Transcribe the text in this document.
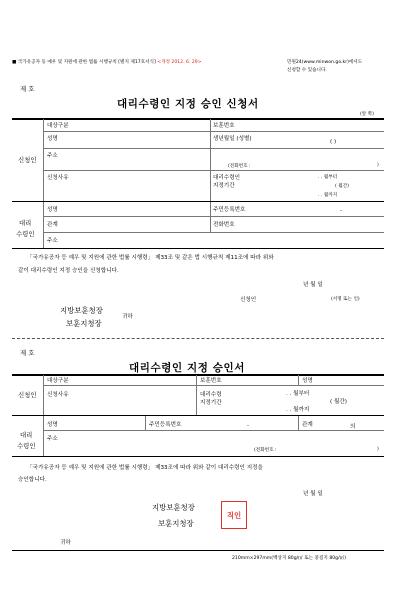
■ 국가유공자 등 예우 및 지원에 관한 법률 시행규칙 [별지 제17호서식] <개정 2012. 6. 29>	민원24(www.minwon.go.kr)에서도
신청할 수 있습니다.
제 호
대리수령인 지정 승인 신청서
(앞 쪽)
신청인
대상구분	보훈번호
성명	생년월일 (성별)	( )
주소
(전화번호 :	)
신청사유	대리수령인
지정기간
. . 월부터
( 월간)
. . 월까지
대리
수령인
성명	주민등록번호	-
관계	전화번호
주소
「국가유공자 등 예우 및 지원에 관한 법률 시행령」 제33조 및 같은 법 시행규칙 제11조에 따라 위와
같이 대리수령인 지정 승인을 신청합니다.
년 월 일
신청인	(서명 또는 인)
지방보훈청장
보훈지청장
귀하
제 호
대리수령인 지정 승인서
신청인
대상구분	보훈번호	성명
신청사유	대리수령
지정기간
. . 월부터
( 월간)
. . 월까지
대리
수령인
성명	주민등록번호	-	관계	의
주소
(전화번호 :	)
「국가유공자 등 예우 및 지원에 관한 법률 시행령」 제33조에 따라 위와 같이 대리수령인 지정을
승인합니다.
년 월 일
지방보훈청장
보훈지청장
직인
귀하
210mm×297mm(백상지 80g/㎡ 또는 중질지 80g/㎡)
